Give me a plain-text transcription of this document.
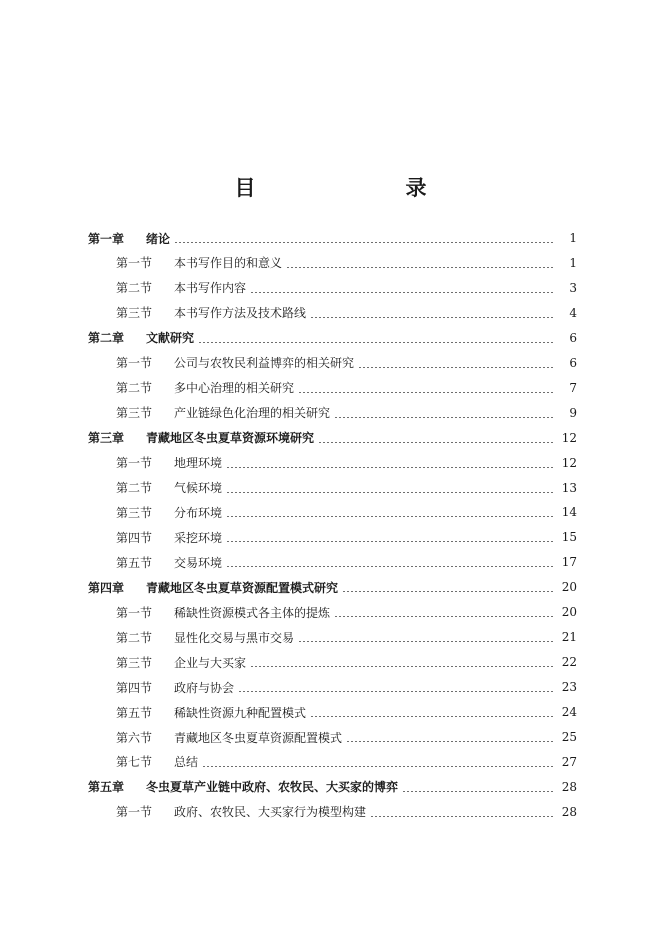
目　　录
第一章	绪论	1
第一节	本书写作目的和意义	1
第二节	本书写作内容	3
第三节	本书写作方法及技术路线	4
第二章	文献研究	6
第一节	公司与农牧民利益博弈的相关研究	6
第二节	多中心治理的相关研究	7
第三节	产业链绿色化治理的相关研究	9
第三章	青藏地区冬虫夏草资源环境研究	12
第一节	地理环境	12
第二节	气候环境	13
第三节	分布环境	14
第四节	采挖环境	15
第五节	交易环境	17
第四章	青藏地区冬虫夏草资源配置模式研究	20
第一节	稀缺性资源模式各主体的提炼	20
第二节	显性化交易与黑市交易	21
第三节	企业与大买家	22
第四节	政府与协会	23
第五节	稀缺性资源九种配置模式	24
第六节	青藏地区冬虫夏草资源配置模式	25
第七节	总结	27
第五章	冬虫夏草产业链中政府、农牧民、大买家的博弈	28
第一节	政府、农牧民、大买家行为模型构建	28
